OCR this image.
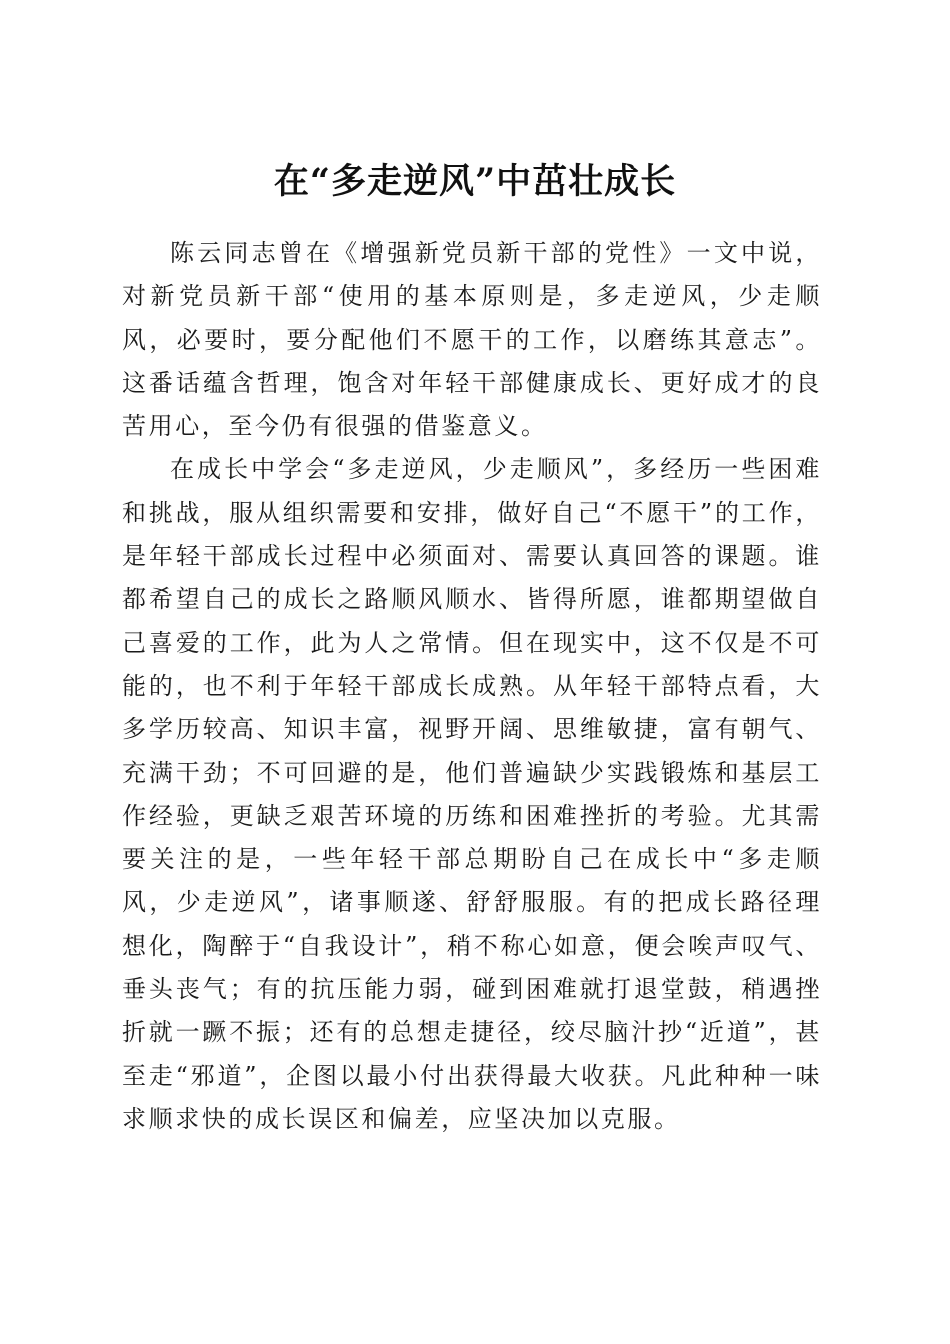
在“多走逆风”中茁壮成长

陈云同志曾在《增强新党员新干部的党性》一文中说，对新党员新干部“使用的基本原则是，多走逆风，少走顺风，必要时，要分配他们不愿干的工作，以磨练其意志”。这番话蕴含哲理，饱含对年轻干部健康成长、更好成才的良苦用心，至今仍有很强的借鉴意义。

在成长中学会“多走逆风，少走顺风”，多经历一些困难和挑战，服从组织需要和安排，做好自己“不愿干”的工作，是年轻干部成长过程中必须面对、需要认真回答的课题。谁都希望自己的成长之路顺风顺水、皆得所愿，谁都期望做自己喜爱的工作，此为人之常情。但在现实中，这不仅是不可能的，也不利于年轻干部成长成熟。从年轻干部特点看，大多学历较高、知识丰富，视野开阔、思维敏捷，富有朝气、充满干劲；不可回避的是，他们普遍缺少实践锻炼和基层工作经验，更缺乏艰苦环境的历练和困难挫折的考验。尤其需要关注的是，一些年轻干部总期盼自己在成长中“多走顺风，少走逆风”，诸事顺遂、舒舒服服。有的把成长路径理想化，陶醉于“自我设计”，稍不称心如意，便会唉声叹气、垂头丧气；有的抗压能力弱，碰到困难就打退堂鼓，稍遇挫折就一蹶不振；还有的总想走捷径，绞尽脑汁抄“近道”，甚至走“邪道”，企图以最小付出获得最大收获。凡此种种一味求顺求快的成长误区和偏差，应坚决加以克服。
